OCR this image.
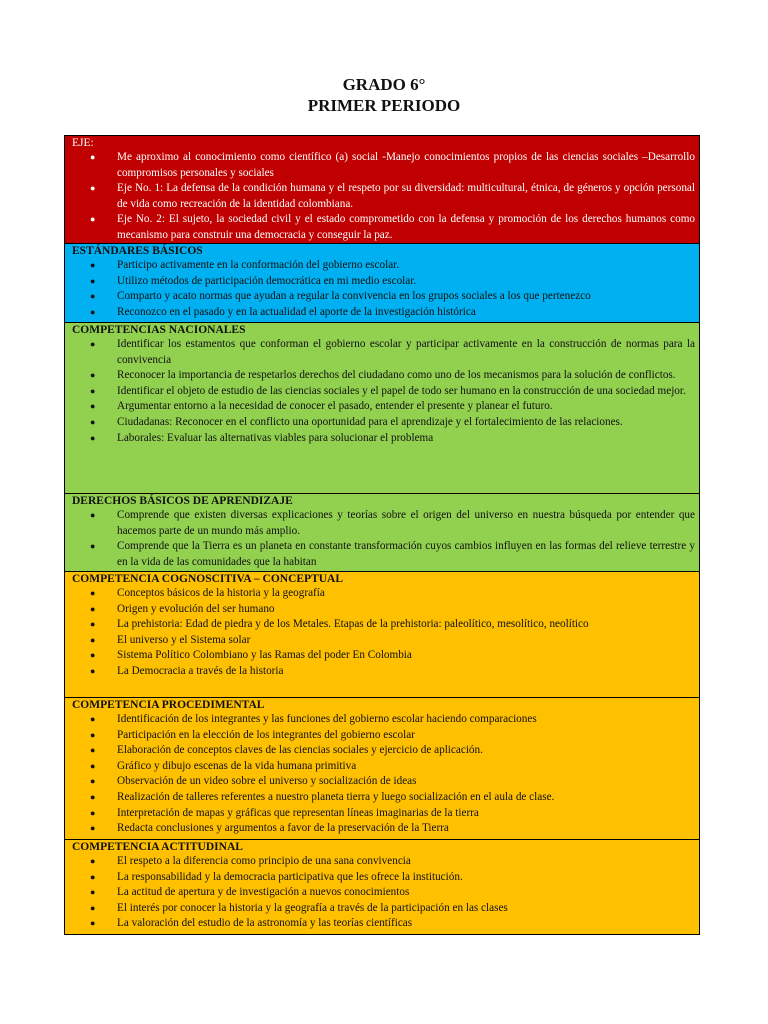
GRADO 6°
PRIMER PERIODO
EJE:
● Me aproximo al conocimiento como científico (a) social -Manejo conocimientos propios de las ciencias sociales –Desarrollo compromisos personales y sociales
● Eje No. 1: La defensa de la condición humana y el respeto por su diversidad: multicultural, étnica, de géneros y opción personal de vida como recreación de la identidad colombiana.
● Eje No. 2: El sujeto, la sociedad civil y el estado comprometido con la defensa y promoción de los derechos humanos como mecanismo para construir una democracia y conseguir la paz.
ESTÁNDARES BÁSICOS
● Participo activamente en la conformación del gobierno escolar.
● Utilizo métodos de participación democrática en mi medio escolar.
● Comparto y acato normas que ayudan a regular la convivencia en los grupos sociales a los que pertenezco
● Reconozco en el pasado y en la actualidad el aporte de la investigación histórica
COMPETENCIAS NACIONALES
● Identificar los estamentos que conforman el gobierno escolar y participar activamente en la construcción de normas para la convivencia
● Reconocer la importancia de respetarlos derechos del ciudadano como uno de los mecanismos para la solución de conflictos.
● Identificar el objeto de estudio de las ciencias sociales y el papel de todo ser humano en la construcción de una sociedad mejor.
● Argumentar entorno a la necesidad de conocer el pasado, entender el presente y planear el futuro.
● Ciudadanas: Reconocer en el conflicto una oportunidad para el aprendizaje y el fortalecimiento de las relaciones.
● Laborales: Evaluar las alternativas viables para solucionar el problema
DERECHOS BÁSICOS DE APRENDIZAJE
● Comprende que existen diversas explicaciones y teorías sobre el origen del universo en nuestra búsqueda por entender que hacemos parte de un mundo más amplio.
● Comprende que la Tierra es un planeta en constante transformación cuyos cambios influyen en las formas del relieve terrestre y en la vida de las comunidades que la habitan
COMPETENCIA COGNOSCITIVA – CONCEPTUAL
● Conceptos básicos de la historia y la geografía
● Origen y evolución del ser humano
● La prehistoria: Edad de piedra y de los Metales. Etapas de la prehistoria: paleolítico, mesolítico, neolítico
● El universo y el Sistema solar
● Sistema Político Colombiano y las Ramas del poder En Colombia
● La Democracia a través de la historia
COMPETENCIA PROCEDIMENTAL
● Identificación de los integrantes y las funciones del gobierno escolar haciendo comparaciones
● Participación en la elección de los integrantes del gobierno escolar
● Elaboración de conceptos claves de las ciencias sociales y ejercicio de aplicación.
● Gráfico y dibujo escenas de la vida humana primitiva
● Observación de un video sobre el universo y socialización de ideas
● Realización de talleres referentes a nuestro planeta tierra y luego socialización en el aula de clase.
● Interpretación de mapas y gráficas que representan líneas imaginarias de la tierra
● Redacta conclusiones y argumentos a favor de la preservación de la Tierra
COMPETENCIA ACTITUDINAL
● El respeto a la diferencia como principio de una sana convivencia
● La responsabilidad y la democracia participativa que les ofrece la institución.
● La actitud de apertura y de investigación a nuevos conocimientos
● El interés por conocer la historia y la geografía a través de la participación en las clases
● La valoración del estudio de la astronomía y las teorías científicas
